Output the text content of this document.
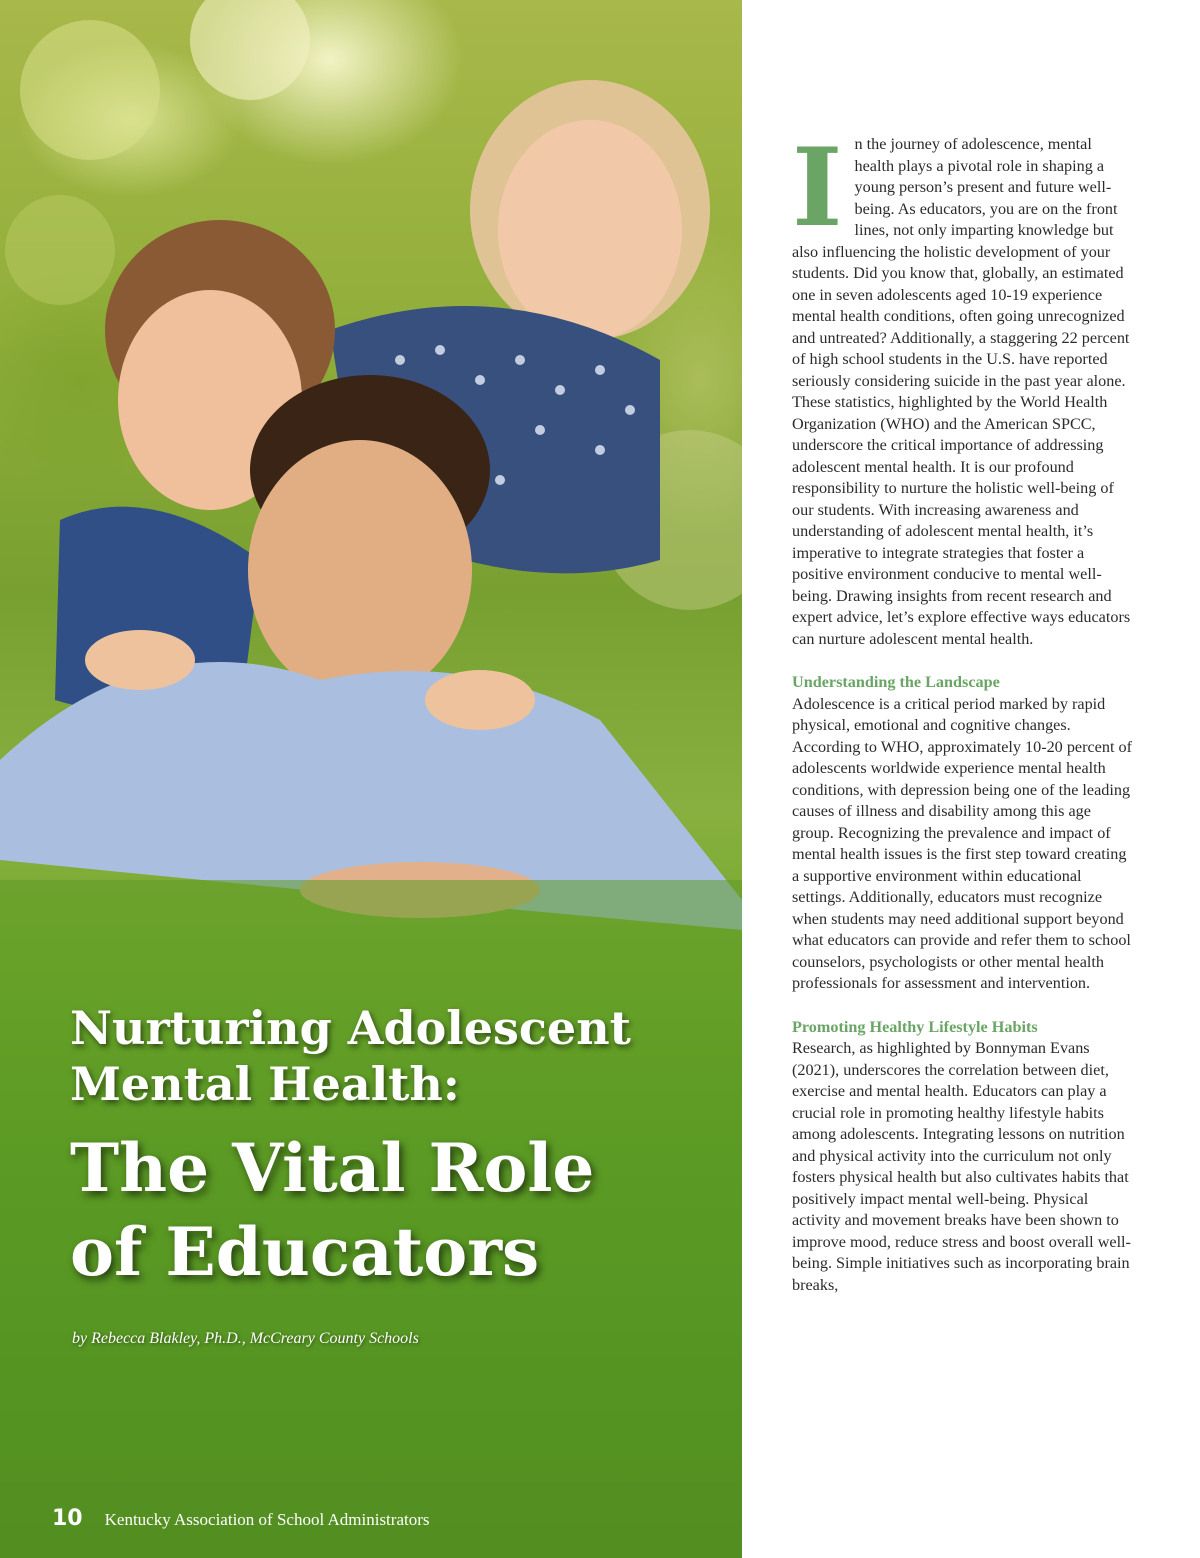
Nurturing Adolescent

Mental Health:

The Vital Role

of Educators

by Rebecca Blakley, Ph.D., McCreary County Schools
10 Kentucky Association of School Administrators

In the journey of adolescence, mental health plays a pivotal role in shaping a young person’s present and future well-being. As educators, you are on the front lines, not only imparting knowledge but also influencing the holistic development of your students. Did you know that, globally, an estimated one in seven adolescents aged 10-19 experience mental health conditions, often going unrecognized and untreated? Additionally, a staggering 22 percent of high school students in the U.S. have reported seriously considering suicide in the past year alone. These statistics, highlighted by the World Health Organization (WHO) and the American SPCC, underscore the critical importance of addressing adolescent mental health. It is our profound responsibility to nurture the holistic well-being of our students. With increasing awareness and understanding of adolescent mental health, it’s imperative to integrate strategies that foster a positive environment conducive to mental well-being. Drawing insights from recent research and expert advice, let’s explore effective ways educators can nurture adolescent mental health.

Understanding the Landscape

Adolescence is a critical period marked by rapid physical, emotional and cognitive changes. According to WHO, approximately 10-20 percent of adolescents worldwide experience mental health conditions, with depression being one of the leading causes of illness and disability among this age group. Recognizing the prevalence and impact of mental health issues is the first step toward creating a supportive environment within educational settings. Additionally, educators must recognize when students may need additional support beyond what educators can provide and refer them to school counselors, psychologists or other mental health professionals for assessment and intervention.

Promoting Healthy Lifestyle Habits

Research, as highlighted by Bonnyman Evans (2021), underscores the correlation between diet, exercise and mental health. Educators can play a crucial role in promoting healthy lifestyle habits among adolescents. Integrating lessons on nutrition and physical activity into the curriculum not only fosters physical health but also cultivates habits that positively impact mental well-being. Physical activity and movement breaks have been shown to improve mood, reduce stress and boost overall well-being. Simple initiatives such as incorporating brain breaks,
